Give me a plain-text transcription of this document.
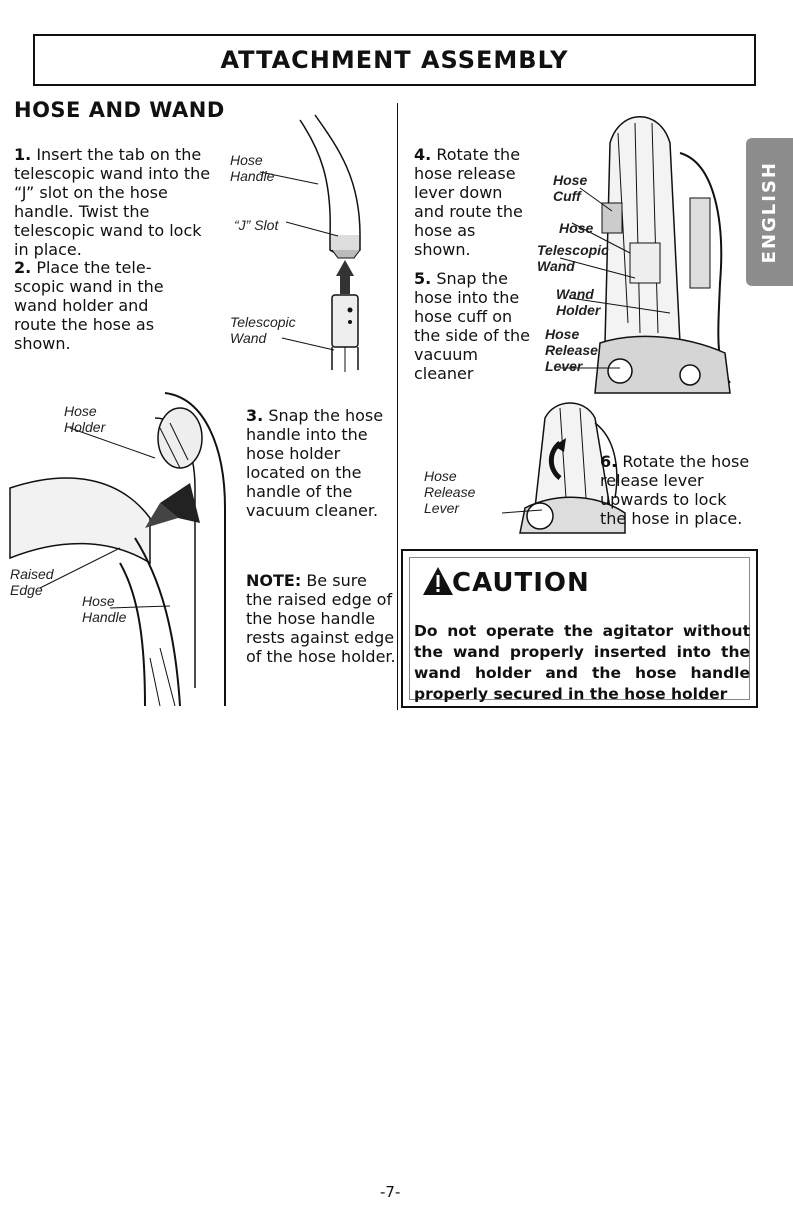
ATTACHMENT ASSEMBLY
HOSE AND WAND
ENGLISH
1. Insert the tab on the telescopic wand into the “J” slot on the hose handle. Twist the telescopic wand to lock in place.
2. Place the tele-scopic wand in the wand holder and route the hose as shown.
Hose
Handle
“J” Slot
Telescopic
Wand
Hose
Holder
Raised
Edge
Hose
Handle
3. Snap the hose handle into the hose holder located on the handle of the vacuum cleaner.
NOTE: Be sure the raised edge of the hose handle rests against edge of the hose holder.
4. Rotate the hose release lever down and route the hose as shown.
5. Snap the hose into the hose cuff on the side of the vacuum cleaner
Hose
Cuff
Hose
Telescopic
Wand
Wand
Holder
Hose
Release
Lever
Hose
Release
Lever
6. Rotate the hose release lever upwards to lock the hose in place.
CAUTION
Do not operate the agitator without the wand properly inserted into the wand holder and the hose handle properly secured in the hose holder
-7-
